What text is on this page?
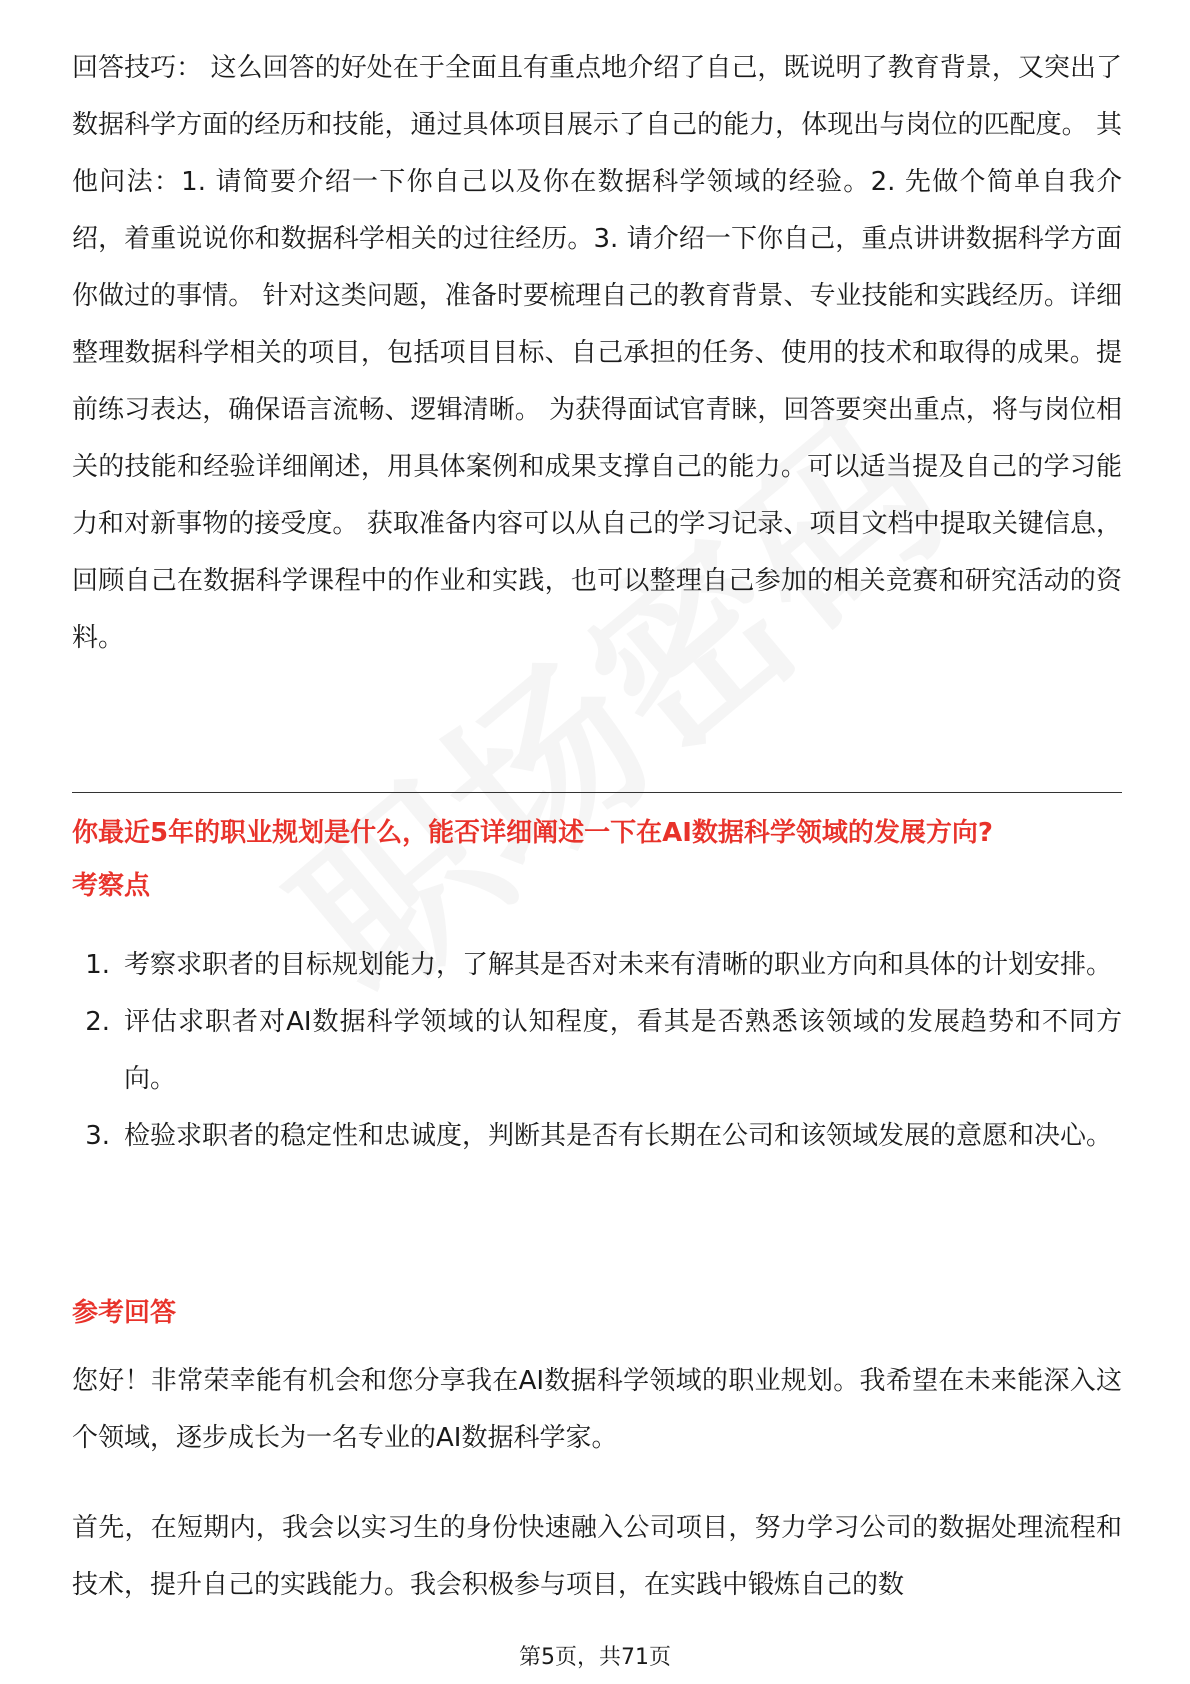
回答技巧： 这么回答的好处在于全面且有重点地介绍了自己，既说明了教育背景，又突出了数据科学方面的经历和技能，通过具体项目展示了自己的能力，体现出与岗位的匹配度。 其他问法：1. 请简要介绍一下你自己以及你在数据科学领域的经验。2. 先做个简单自我介绍，着重说说你和数据科学相关的过往经历。3. 请介绍一下你自己，重点讲讲数据科学方面你做过的事情。 针对这类问题，准备时要梳理自己的教育背景、专业技能和实践经历。详细整理数据科学相关的项目，包括项目目标、自己承担的任务、使用的技术和取得的成果。提前练习表达，确保语言流畅、逻辑清晰。 为获得面试官青睐，回答要突出重点，将与岗位相关的技能和经验详细阐述，用具体案例和成果支撑自己的能力。可以适当提及自己的学习能力和对新事物的接受度。 获取准备内容可以从自己的学习记录、项目文档中提取关键信息，回顾自己在数据科学课程中的作业和实践，也可以整理自己参加的相关竞赛和研究活动的资料。

你最近5年的职业规划是什么，能否详细阐述一下在AI数据科学领域的发展方向?

考察点

1. 考察求职者的目标规划能力，了解其是否对未来有清晰的职业方向和具体的计划安排。
2. 评估求职者对AI数据科学领域的认知程度，看其是否熟悉该领域的发展趋势和不同方向。
3. 检验求职者的稳定性和忠诚度，判断其是否有长期在公司和该领域发展的意愿和决心。

参考回答

您好！非常荣幸能有机会和您分享我在AI数据科学领域的职业规划。我希望在未来能深入这个领域，逐步成长为一名专业的AI数据科学家。

首先，在短期内，我会以实习生的身份快速融入公司项目，努力学习公司的数据处理流程和技术，提升自己的实践能力。我会积极参与项目，在实践中锻炼自己的数

第5页，共71页
